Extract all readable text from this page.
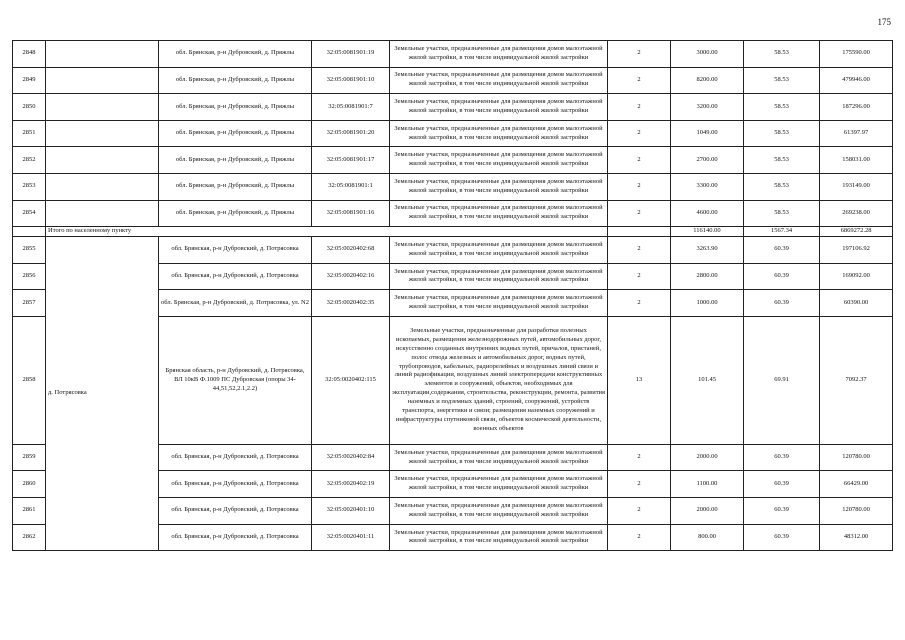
175
2848		обл. Брянская, р-н Дубровский, д. Пряжлы	32:05:0081901:19	Земельные участки, предназначенные для размещения домов малоэтажной жилой застройки, в том числе индивидуальной жилой застройки	2	3000.00	58.53	175590.00
2849		обл. Брянская, р-н Дубровский, д. Пряжлы	32:05:0081901:10	Земельные участки, предназначенные для размещения домов малоэтажной жилой застройки, в том числе индивидуальной жилой застройки	2	8200.00	58.53	479946.00
2850		обл. Брянская, р-н Дубровский, д. Пряжлы	32:05:0081901:7	Земельные участки, предназначенные для размещения домов малоэтажной жилой застройки, в том числе индивидуальной жилой застройки	2	3200.00	58.53	187296.00
2851		обл. Брянская, р-н Дубровский, д. Пряжлы	32:05:0081901:20	Земельные участки, предназначенные для размещения домов малоэтажной жилой застройки, в том числе индивидуальной жилой застройки	2	1049.00	58.53	61397.97
2852		обл. Брянская, р-н Дубровский, д. Пряжлы	32:05:0081901:17	Земельные участки, предназначенные для размещения домов малоэтажной жилой застройки, в том числе индивидуальной жилой застройки	2	2700.00	58.53	158031.00
2853		обл. Брянская, р-н Дубровский, д. Пряжлы	32:05:0081901:1	Земельные участки, предназначенные для размещения домов малоэтажной жилой застройки, в том числе индивидуальной жилой застройки	2	3300.00	58.53	193149.00
2854		обл. Брянская, р-н Дубровский, д. Пряжлы	32:05:0081901:16	Земельные участки, предназначенные для размещения домов малоэтажной жилой застройки, в том числе индивидуальной жилой застройки	2	4600.00	58.53	269238.00
	Итого по населенному пункту					116140.00	1567.34	6869272.28
2855	д. Потрясовка	обл. Брянская, р-н Дубровский, д. Потрясовка	32:05:0020402:68	Земельные участки, предназначенные для размещения домов малоэтажной жилой застройки, в том числе индивидуальной жилой застройки	2	3263.90	60.39	197106.92
2856		обл. Брянская, р-н Дубровский, д. Потрясовка	32:05:0020402:16	Земельные участки, предназначенные для размещения домов малоэтажной жилой застройки, в том числе индивидуальной жилой застройки	2	2800.00	60.39	169092.00
2857		обл. Брянская, р-н Дубровский, д. Потрясовка, ул. N2	32:05:0020402:35	Земельные участки, предназначенные для размещения домов малоэтажной жилой застройки, в том числе индивидуальной жилой застройки	2	1000.00	60.39	60390.00
2858		Брянская область, р-н Дубровский, д. Потрясовка, ВЛ 10кВ Ф.1009 ПС Дубровская (опоры 34-44,51,52,2.1,2.2)	32:05:0020402:115	Земельные участки, предназначенные для разработки полезных ископаемых, размещения железнодорожных путей, автомобильных дорог, искусственно созданных внутренних водных путей, причалов, пристаней, полос отвода железных и автомобильных дорог, водных путей, трубопроводов, кабельных, радиорелейных и воздушных линий связи и линий радиофикации, воздушных линий электропередачи конструктивных элементов и сооружений, объектов, необходимых для эксплуатации,содержания, строительства, реконструкции, ремонта, развития наземных и подземных зданий, строений, сооружений, устройств транспорта, энергетики и связи; размещения наземных сооружений и инфраструктуры спутниковой связи, объектов космической деятельности, военных объектов	13	101.45	69.91	7092.37
2859		обл. Брянская, р-н Дубровский, д. Потрясовка	32:05:0020402:84	Земельные участки, предназначенные для размещения домов малоэтажной жилой застройки, в том числе индивидуальной жилой застройки	2	2000.00	60.39	120780.00
2860		обл. Брянская, р-н Дубровский, д. Потрясовка	32:05:0020402:19	Земельные участки, предназначенные для размещения домов малоэтажной жилой застройки, в том числе индивидуальной жилой застройки	2	1100.00	60.39	66429.00
2861		обл. Брянская, р-н Дубровский, д. Потрясовка	32:05:0020401:10	Земельные участки, предназначенные для размещения домов малоэтажной жилой застройки, в том числе индивидуальной жилой застройки	2	2000.00	60.39	120780.00
2862		обл. Брянская, р-н Дубровский, д. Потрясовка	32:05:0020401:11	Земельные участки, предназначенные для размещения домов малоэтажной жилой застройки, в том числе индивидуальной жилой застройки	2	800.00	60.39	48312.00
